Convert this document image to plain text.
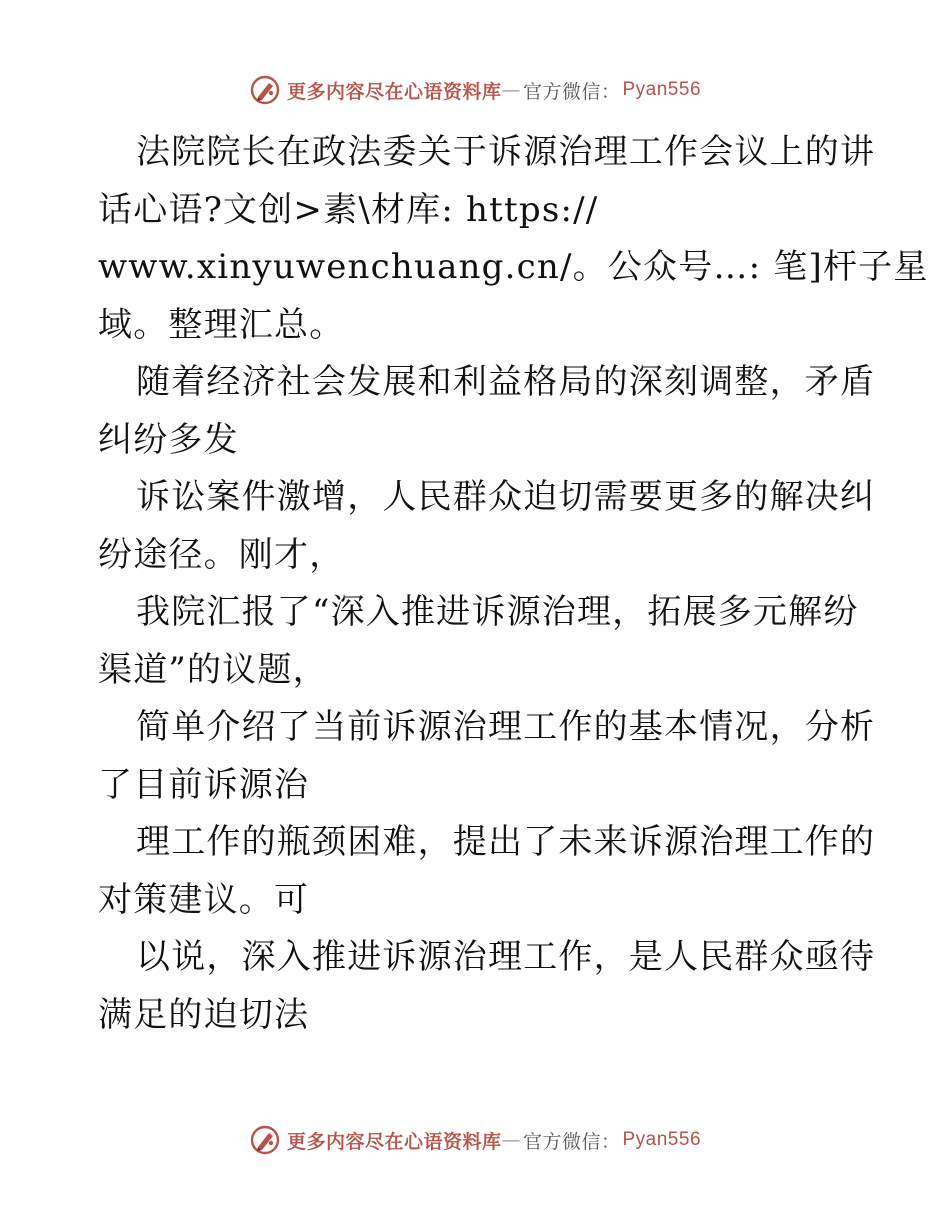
更多内容尽在心语资料库 — 官方微信： Pyan556
法院院长在政法委关于诉源治理工作会议上的讲
话心语?文创>素\材库: https://
www.xinyuwenchuang.cn/。公众号…: 笔]杆子星
域。整理汇总。
随着经济社会发展和利益格局的深刻调整，矛盾
纠纷多发
诉讼案件激增，人民群众迫切需要更多的解决纠
纷途径。刚才，
我院汇报了“深入推进诉源治理，拓展多元解纷
渠道”的议题，
简单介绍了当前诉源治理工作的基本情况，分析
了目前诉源治
理工作的瓶颈困难，提出了未来诉源治理工作的
对策建议。可
以说，深入推进诉源治理工作，是人民群众亟待
满足的迫切法
更多内容尽在心语资料库 — 官方微信： Pyan556
